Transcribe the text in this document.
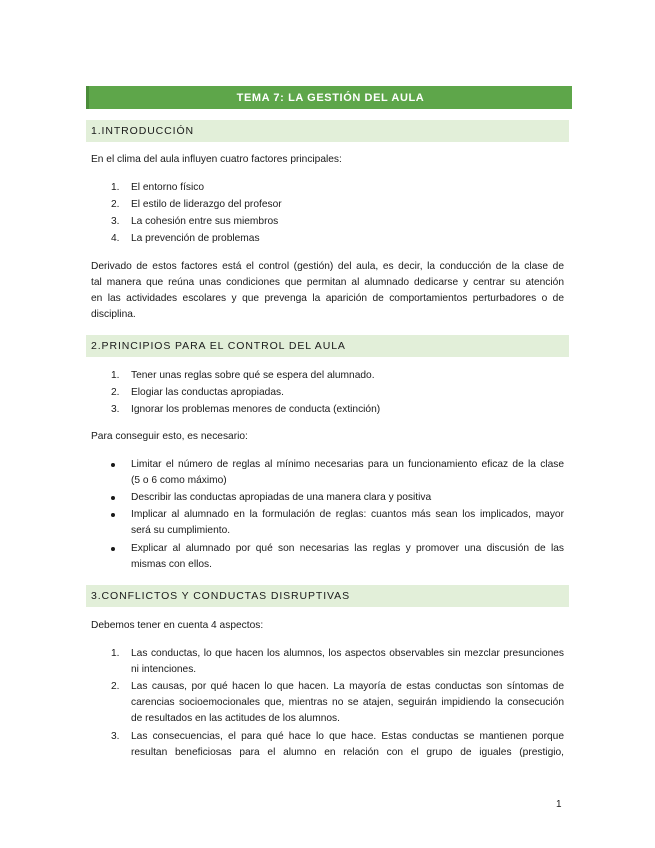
TEMA 7: LA GESTIÓN DEL AULA
1.INTRODUCCIÓN

En el clima del aula influyen cuatro factores principales:

1.	El entorno físico
2.	El estilo de liderazgo del profesor
3.	La cohesión entre sus miembros
4.	La prevención de problemas

Derivado de estos factores está el control (gestión) del aula, es decir, la conducción de la clase de

tal manera que reúna unas condiciones que permitan al alumnado dedicarse y centrar su atención

en las actividades escolares y que prevenga la aparición de comportamientos perturbadores o de

disciplina.

2.PRINCIPIOS PARA EL CONTROL DEL AULA
1.	Tener unas reglas sobre qué se espera del alumnado.
2.	Elogiar las conductas apropiadas.
3.	Ignorar los problemas menores de conducta (extinción)

Para conseguir esto, es necesario:

Limitar el número de reglas al mínimo necesarias para un funcionamiento eficaz de la clase
(5 o 6 como máximo)
Describir las conductas apropiadas de una manera clara y positiva
Implicar al alumnado en la formulación de reglas: cuantos más sean los implicados, mayor
será su cumplimiento.
Explicar al alumnado por qué son necesarias las reglas y promover una discusión de las
mismas con ellos.
3.CONFLICTOS Y CONDUCTAS DISRUPTIVAS

Debemos tener en cuenta 4 aspectos:

1.	Las conductas, lo que hacen los alumnos, los aspectos observables sin mezclar presunciones
ni intenciones.
2.	Las causas, por qué hacen lo que hacen. La mayoría de estas conductas son síntomas de
carencias socioemocionales que, mientras no se atajen, seguirán impidiendo la consecución
de resultados en las actitudes de los alumnos.
3.	Las consecuencias, el para qué hace lo que hace. Estas conductas se mantienen porque
resultan beneficiosas para el alumno en relación con el grupo de iguales (prestigio,
1
